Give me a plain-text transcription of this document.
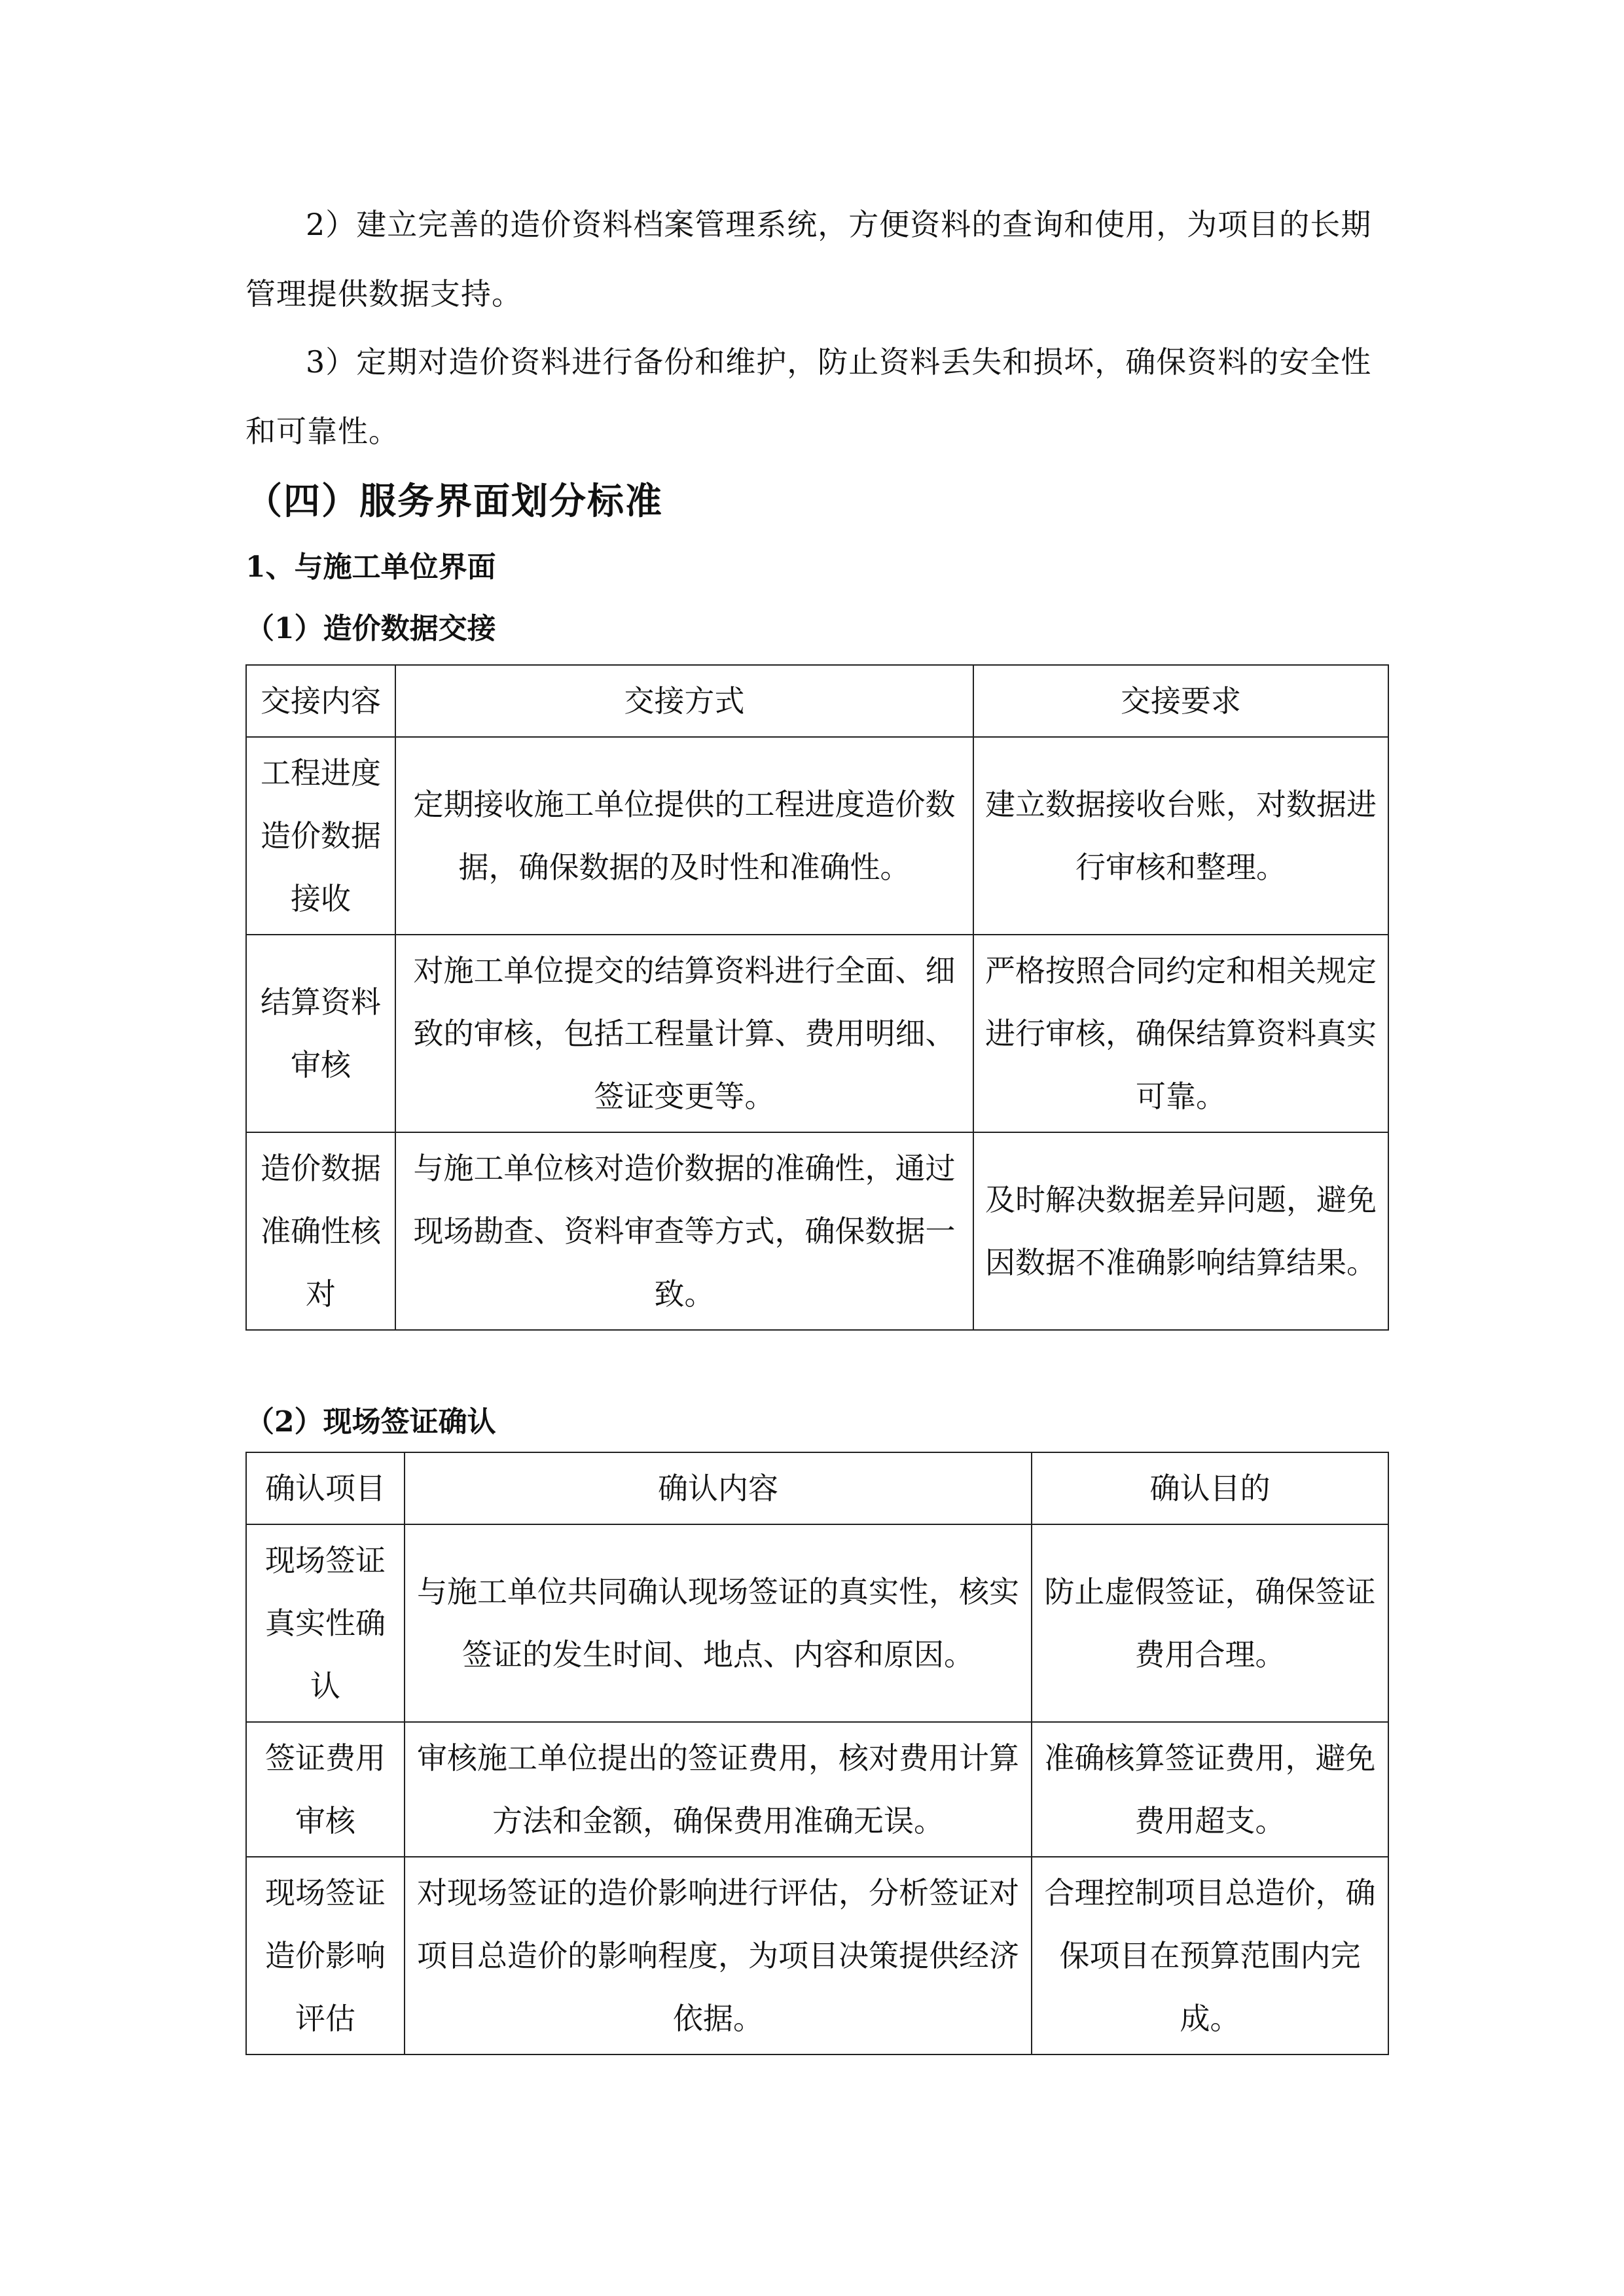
2）建立完善的造价资料档案管理系统，方便资料的查询和使用，为项目的长期管理提供数据支持。

3）定期对造价资料进行备份和维护，防止资料丢失和损坏，确保资料的安全性和可靠性。

（四）服务界面划分标准
1、与施工单位界面
（1）造价数据交接
交接内容	交接方式	交接要求
工程进度造价数据接收	定期接收施工单位提供的工程进度造价数据，确保数据的及时性和准确性。	建立数据接收台账，对数据进行审核和整理。
结算资料审核	对施工单位提交的结算资料进行全面、细致的审核，包括工程量计算、费用明细、签证变更等。	严格按照合同约定和相关规定进行审核，确保结算资料真实可靠。
造价数据准确性核对	与施工单位核对造价数据的准确性，通过现场勘查、资料审查等方式，确保数据一致。	及时解决数据差异问题，避免因数据不准确影响结算结果。
（2）现场签证确认
确认项目	确认内容	确认目的
现场签证真实性确认	与施工单位共同确认现场签证的真实性，核实签证的发生时间、地点、内容和原因。	防止虚假签证，确保签证费用合理。
签证费用审核	审核施工单位提出的签证费用，核对费用计算方法和金额，确保费用准确无误。	准确核算签证费用，避免费用超支。
现场签证造价影响评估	对现场签证的造价影响进行评估，分析签证对项目总造价的影响程度，为项目决策提供经济依据。	合理控制项目总造价，确保项目在预算范围内完成。
